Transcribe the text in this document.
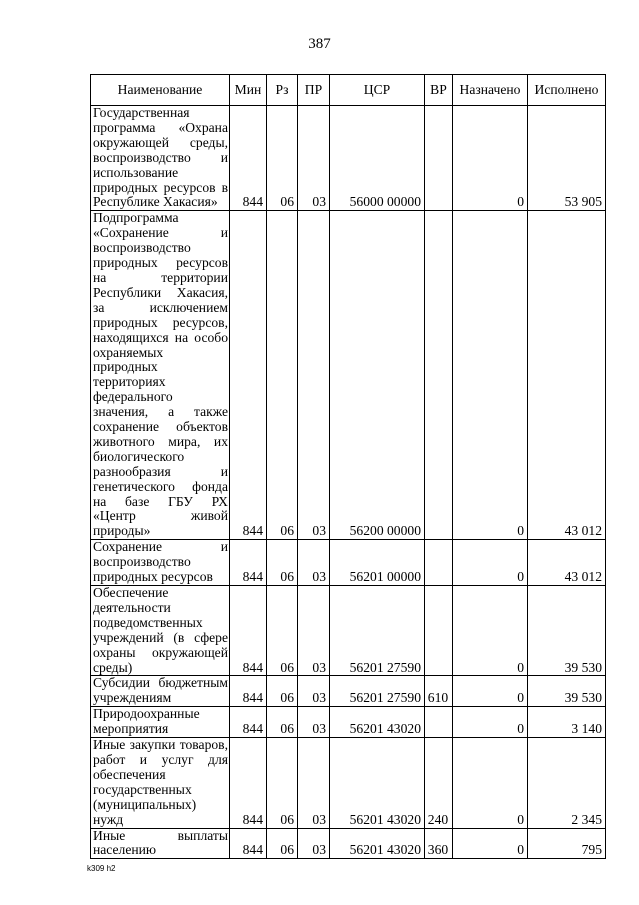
387
Наименование	Мин	Рз	ПР	ЦСР	ВР	Назначено	Исполнено
Государственная программа «Охрана окружающей среды, воспроизводство и использование природных ресурсов в Республике Хакасия»	844	06	03	56000 00000		0	53 905
Подпрограмма «Сохранение и воспроизводство природных ресурсов на территории Республики Хакасия, за исключением природных ресурсов, находящихся на особо охраняемых природных территориях федерального значения, а также сохранение объектов животного мира, их биологического разнообразия и генетического фонда на базе ГБУ РХ «Центр живой природы»	844	06	03	56200 00000		0	43 012
Сохранение и воспроизводство природных ресурсов	844	06	03	56201 00000		0	43 012
Обеспечение деятельности подведомственных учреждений (в сфере охраны окружающей среды)	844	06	03	56201 27590		0	39 530
Субсидии бюджетным учреждениям	844	06	03	56201 27590	610	0	39 530
Природоохранные мероприятия	844	06	03	56201 43020		0	3 140
Иные закупки товаров, работ и услуг для обеспечения государственных (муниципальных) нужд	844	06	03	56201 43020	240	0	2 345
Иные выплаты населению	844	06	03	56201 43020	360	0	795
k309 h2
